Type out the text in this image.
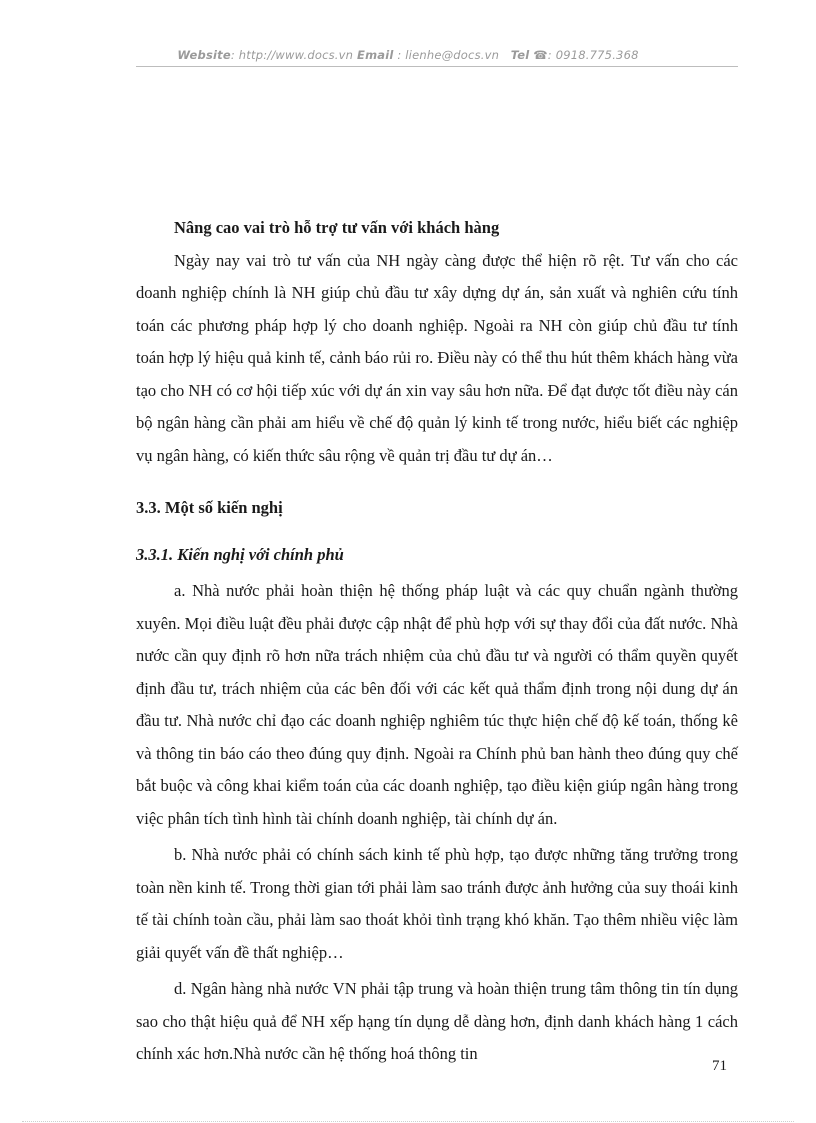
Website: http://www.docs.vn Email : lienhe@docs.vn Tel ☎: 0918.775.368

Nâng cao vai trò hỗ trợ tư vấn với khách hàng

Ngày nay vai trò tư vấn của NH ngày càng được thể hiện rõ rệt. Tư vấn cho các doanh nghiệp chính là NH giúp chủ đầu tư xây dựng dự án, sản xuất và nghiên cứu tính toán các phương pháp hợp lý cho doanh nghiệp. Ngoài ra NH còn giúp chủ đầu tư tính toán hợp lý hiệu quả kinh tế, cảnh báo rủi ro. Điều này có thể thu hút thêm khách hàng vừa tạo cho NH có cơ hội tiếp xúc với dự án xin vay sâu hơn nữa. Để đạt được tốt điều này cán bộ ngân hàng cần phải am hiểu về chế độ quản lý kinh tế trong nước, hiểu biết các nghiệp vụ ngân hàng, có kiến thức sâu rộng về quản trị đầu tư dự án…

3.3. Một số kiến nghị

3.3.1. Kiến nghị với chính phủ

a. Nhà nước phải hoàn thiện hệ thống pháp luật và các quy chuẩn ngành thường xuyên. Mọi điều luật đều phải được cập nhật để phù hợp với sự thay đổi của đất nước. Nhà nước cần quy định rõ hơn nữa trách nhiệm của chủ đầu tư và người có thẩm quyền quyết định đầu tư, trách nhiệm của các bên đối với các kết quả thẩm định trong nội dung dự án đầu tư. Nhà nước chỉ đạo các doanh nghiệp nghiêm túc thực hiện chế độ kế toán, thống kê và thông tin báo cáo theo đúng quy định. Ngoài ra Chính phủ ban hành theo đúng quy chế bắt buộc và công khai kiểm toán của các doanh nghiệp, tạo điều kiện giúp ngân hàng trong việc phân tích tình hình tài chính doanh nghiệp, tài chính dự án.

b. Nhà nước phải có chính sách kinh tế phù hợp, tạo được những tăng trưởng trong toàn nền kinh tế. Trong thời gian tới phải làm sao tránh được ảnh hưởng của suy thoái kinh tế tài chính toàn cầu, phải làm sao thoát khỏi tình trạng khó khăn. Tạo thêm nhiều việc làm giải quyết vấn đề thất nghiệp…

d. Ngân hàng nhà nước VN phải tập trung và hoàn thiện trung tâm thông tin tín dụng sao cho thật hiệu quả để NH xếp hạng tín dụng dễ dàng hơn, định danh khách hàng 1 cách chính xác hơn.Nhà nước cần hệ thống hoá thông tin

71
